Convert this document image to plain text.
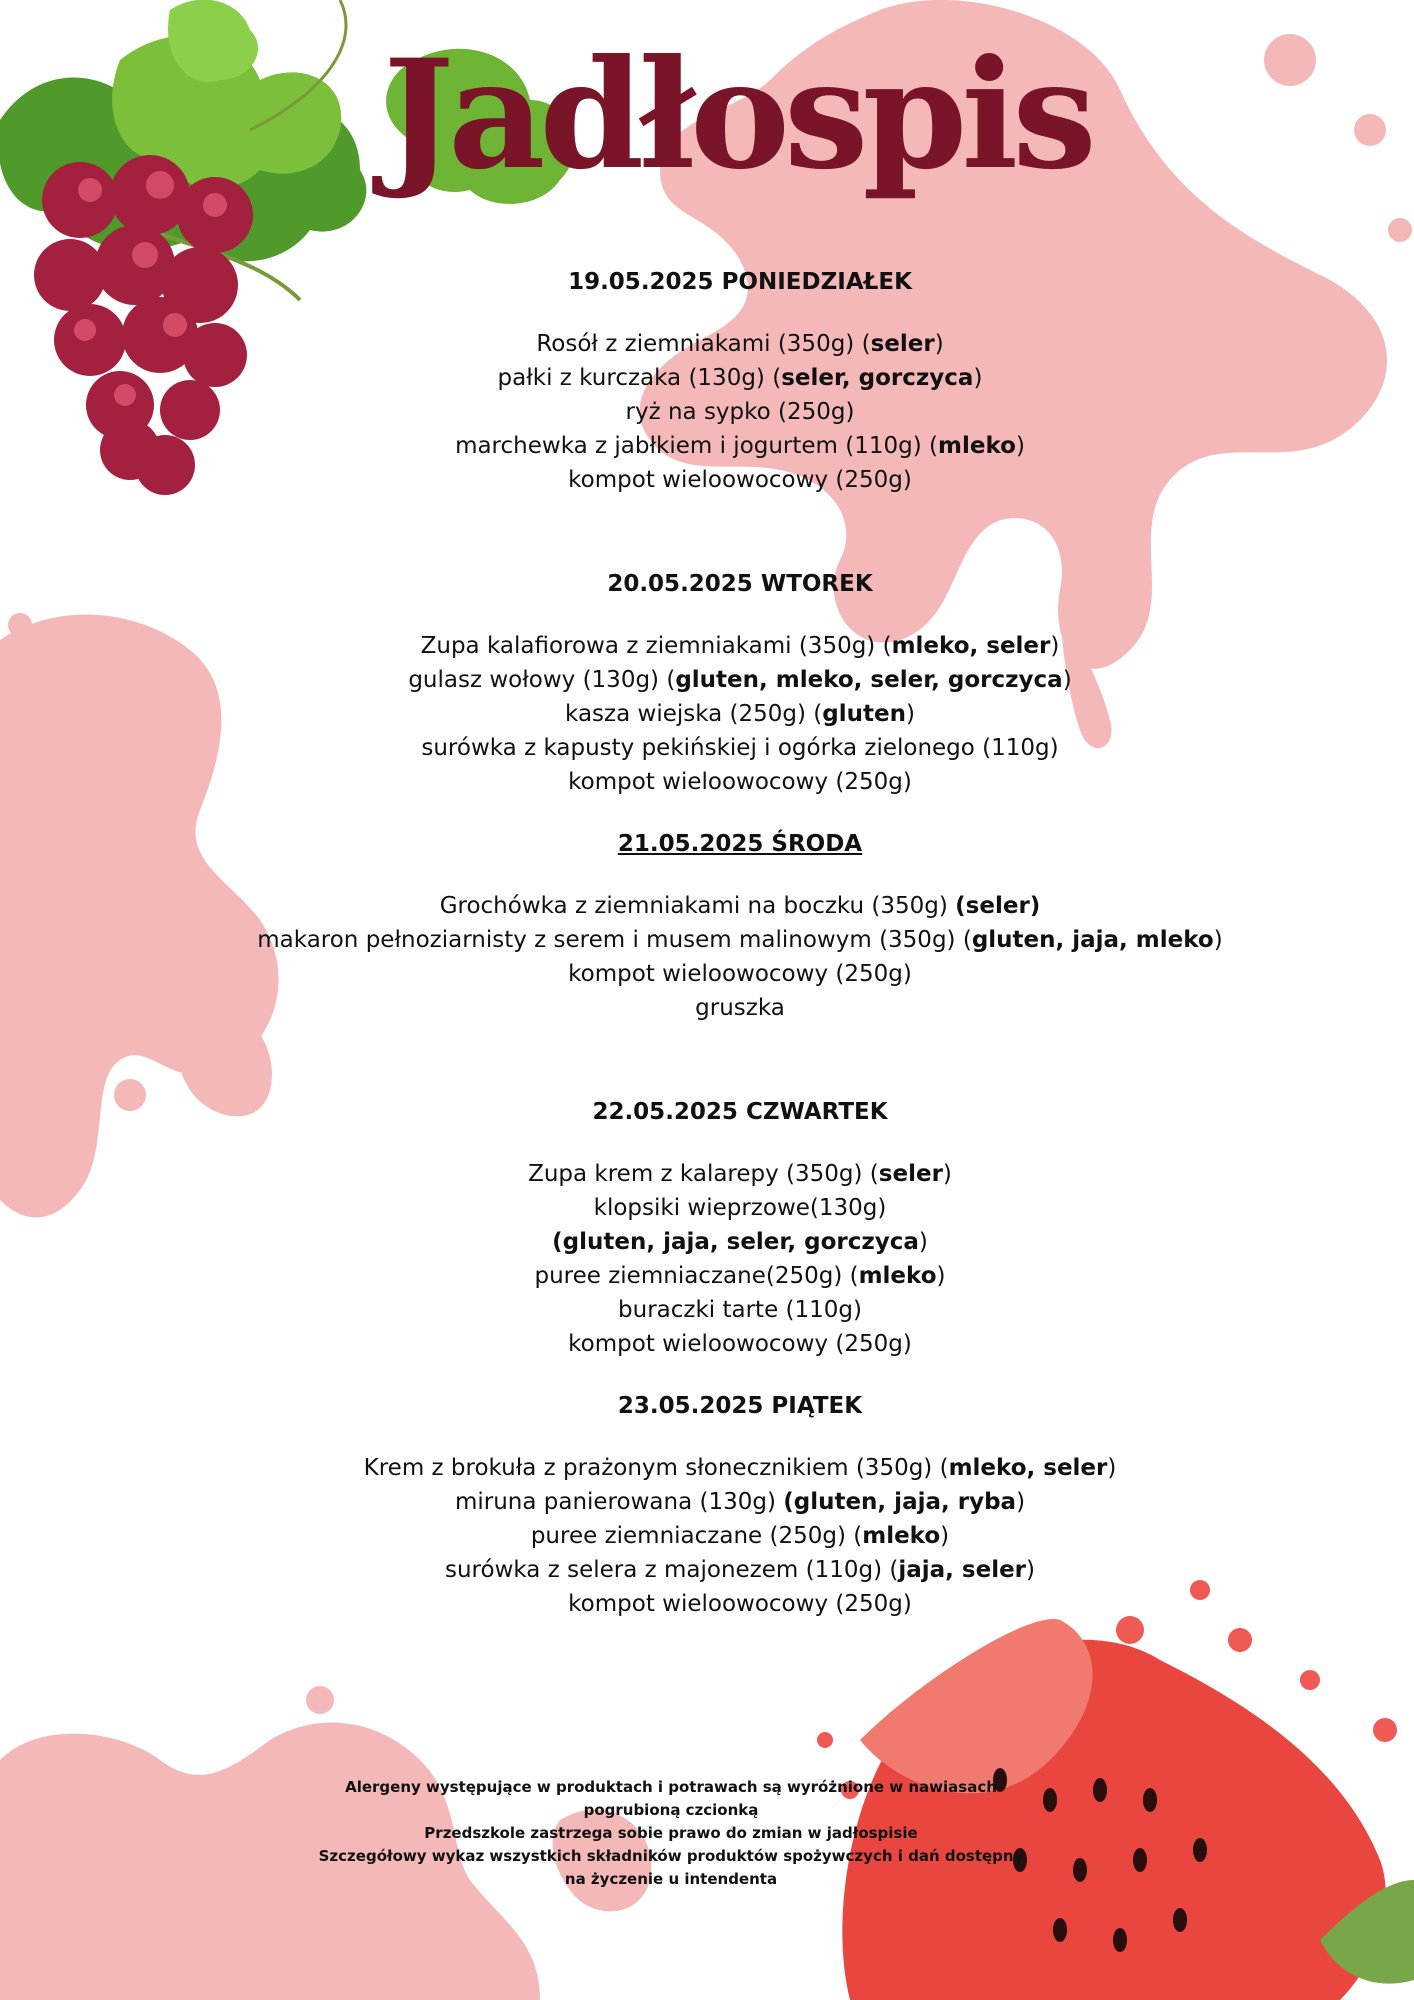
Jadłospis
19.05.2025 PONIEDZIAŁEK

Rosół z ziemniakami (350g) (seler)

pałki z kurczaka (130g) (seler, gorczyca)

ryż na sypko (250g)

marchewka z jabłkiem i jogurtem (110g) (mleko)

kompot wieloowocowy (250g)

20.05.2025 WTOREK

Zupa kalafiorowa z ziemniakami (350g) (mleko, seler)

gulasz wołowy (130g) (gluten, mleko, seler, gorczyca)

kasza wiejska (250g) (gluten)

surówka z kapusty pekińskiej i ogórka zielonego (110g)

kompot wieloowocowy (250g)

21.05.2025 ŚRODA

Grochówka z ziemniakami na boczku (350g) (seler)

makaron pełnoziarnisty z serem i musem malinowym (350g) (gluten, jaja, mleko)

kompot wieloowocowy (250g)

gruszka

22.05.2025 CZWARTEK

Zupa krem z kalarepy (350g) (seler)

klopsiki wieprzowe(130g)

(gluten, jaja, seler, gorczyca)

puree ziemniaczane(250g) (mleko)

buraczki tarte (110g)

kompot wieloowocowy (250g)

23.05.2025 PIĄTEK

Krem z brokuła z prażonym słonecznikiem (350g) (mleko, seler)

miruna panierowana (130g) (gluten, jaja, ryba)

puree ziemniaczane (250g) (mleko)

surówka z selera z majonezem (110g) (jaja, seler)

kompot wieloowocowy (250g)

Alergeny występujące w produktach i potrawach są wyróżnione w nawiasach
pogrubioną czcionką
Przedszkole zastrzega sobie prawo do zmian w jadłospisie
Szczegółowy wykaz wszystkich składników produktów spożywczych i dań dostępny
na życzenie u intendenta
